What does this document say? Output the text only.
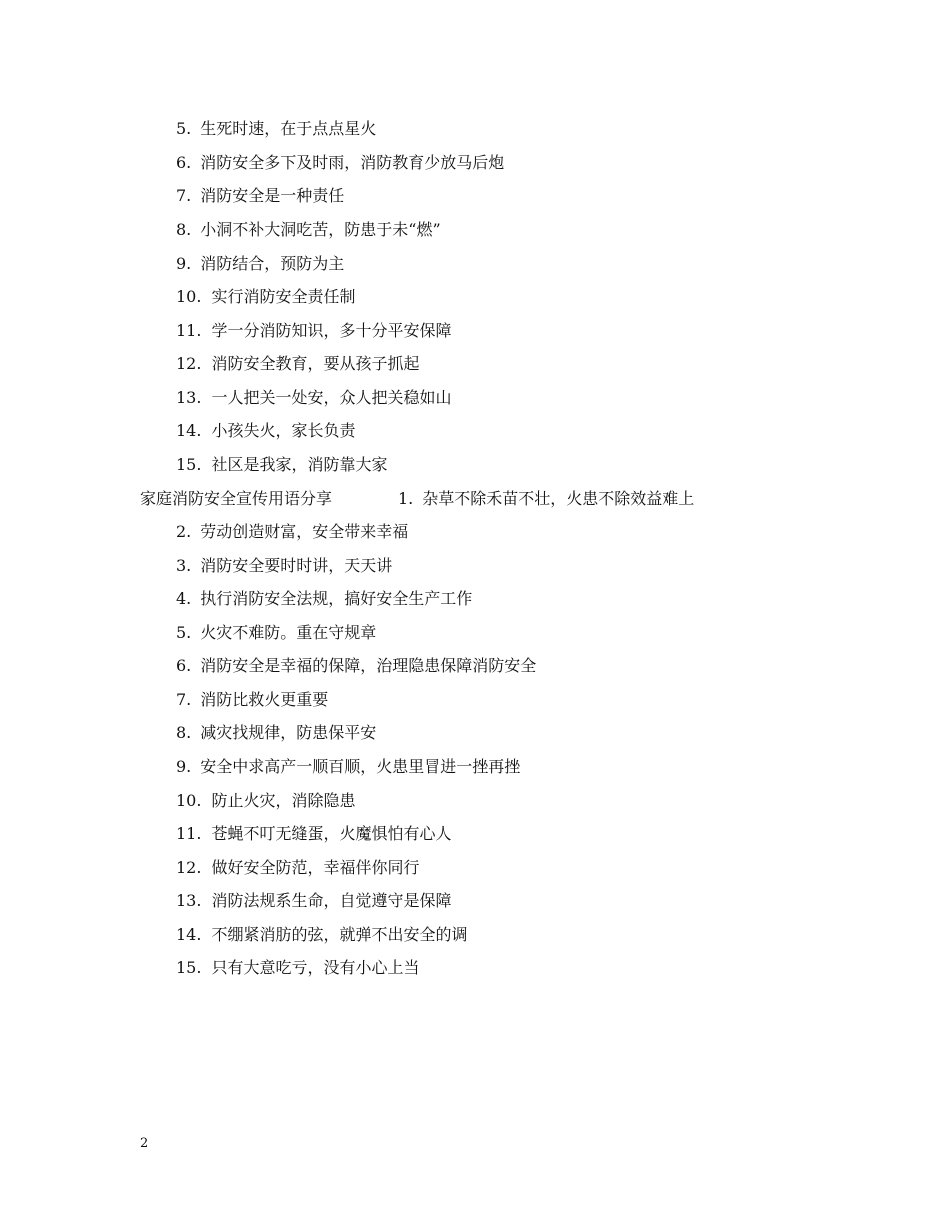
5. 生死时速，在于点点星火
6. 消防安全多下及时雨，消防教育少放马后炮
7. 消防安全是一种责任
8. 小洞不补大洞吃苦，防患于未“燃”
9. 消防结合，预防为主
10. 实行消防安全责任制
11. 学一分消防知识，多十分平安保障
12. 消防安全教育，要从孩子抓起
13. 一人把关一处安，众人把关稳如山
14. 小孩失火，家长负责
15. 社区是我家，消防靠大家
家庭消防安全宣传用语分享	1. 杂草不除禾苗不壮，火患不除效益难上
2. 劳动创造财富，安全带来幸福
3. 消防安全要时时讲，天天讲
4. 执行消防安全法规，搞好安全生产工作
5. 火灾不难防。重在守规章
6. 消防安全是幸福的保障，治理隐患保障消防安全
7. 消防比救火更重要
8. 减灾找规律，防患保平安
9. 安全中求高产一顺百顺，火患里冒进一挫再挫
10. 防止火灾，消除隐患
11. 苍蝇不叮无缝蛋，火魔惧怕有心人
12. 做好安全防范，幸福伴你同行
13. 消防法规系生命，自觉遵守是保障
14. 不绷紧消肪的弦，就弹不出安全的调
15. 只有大意吃亏，没有小心上当
2
